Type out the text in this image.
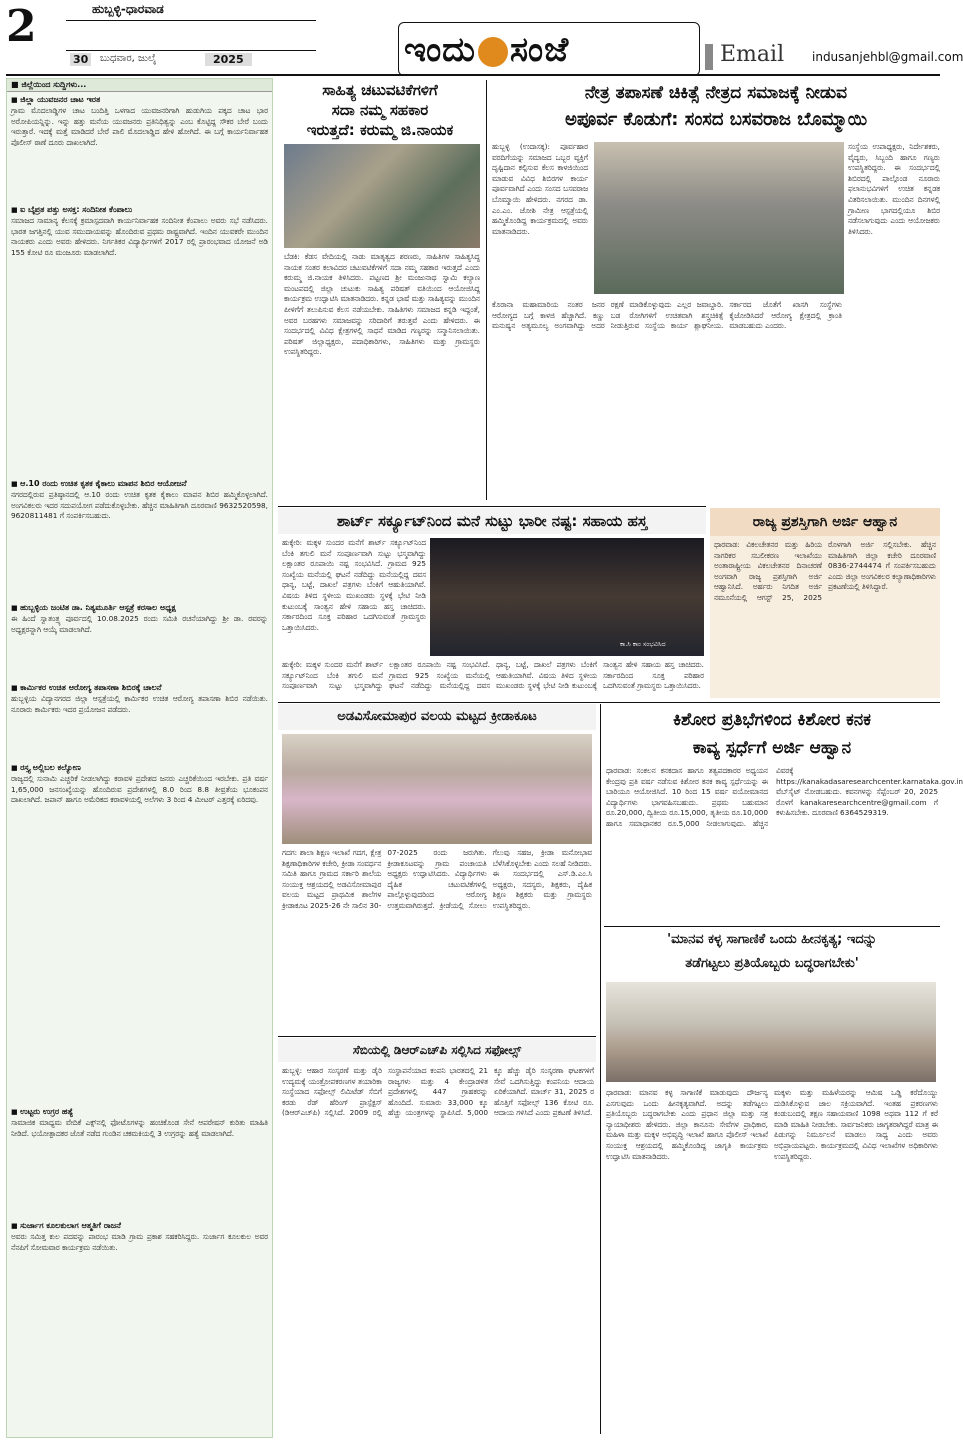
2	ಹುಬ್ಬಳ್ಳಿ-ಧಾರವಾಡ
30	ಬುಧವಾರ, ಜುಲೈ	2025	ಇಂದು ಸಂಜೆ	Email indusanjehbl@gmail.com
■ ಜಿಲ್ಲೆಯಿಂದ ಸುದ್ದಿಗಳು...
■ ಜಿಲ್ಲಾ ಯುವಜನರ ಚಾಟ ಇರತ
ಗ್ರಾಮ ಮೊದಲಾಡ್ಡಿಗಳ ಚಾಟ ಬಂದಿತ್ತಿ ಒಳಗಾದ ಯುವಜನರಿಗಾಗಿ ಹುಡುಗಿಯ ಪಕ್ಕದ ಚಾಟ ಭಾರ ಅರೋಪಿಯನ್ನಿನ್ನು. ಇನ್ನು ಹತ್ತು ಮನೆಯ ಯುವಜನರು ಪ್ರತಿನಿಧಿತ್ವನ್ನು ಎಂಬ ಕೊಟ್ಟಿದ್ದ ಸೌಕರ ಬೇರೆ ಬಂದು ಇರುತ್ತಾರೆ. ಇದಕ್ಕೆ ಮತ್ತೆ ಮಾಡಿದರೆ ಬೇರೆ ಪಾಲಿ ಮೊದಲಾಡ್ಡಿದ ಹೇಳಿ ಹೋಗಿದೆ. ಈ ಬಗ್ಗೆ ಕಾರ್ಯನಿರ್ವಾಹಕ ಪೊಲೀಸ್ ಠಾಣೆ ದೂರು ದಾಖಲಾಗಿದೆ.
■ ಐ ಬೈಪ್ರತ ಪತ್ತು ಅಸಕ್ತ: ಸಂದಿನೀತ ಕೆಂಪಾಲು
ಸಮಾಜದ ಸಾಮಾನ್ಯ ಕೆಲಸಕ್ಕೆ ಕ್ರಮಾಸ್ಪದವಾಗಿ ಕಾರ್ಯನಿರ್ವಾಹಕ ಸಂದಿನೀತ ಕೆಂಪಾಲು ಅವರು ಸಭೆ ನಡೆಸಿದರು. ಭಾರತ ಜಗತ್ತಿನಲ್ಲಿ ಯುವ ಸಮುದಾಯವನ್ನು ಹೊಂದಿರುವ ಪ್ರಥಮ ರಾಷ್ಟ್ರವಾಗಿದೆ. ಇಂದಿನ ಯುವಕರೇ ಮುಂದಿನ ನಾಯಕರು ಎಂದು ಅವರು ಹೇಳಿದರು. ನಿರ್ಗತಿಕರ ವಿದ್ಯಾರ್ಥಿಗಳಿಗೆ 2017 ರಲ್ಲಿ ಪ್ರಾರಂಭವಾದ ಯೋಜನೆ ಅಡಿ 155 ಕೋಟಿ ರೂ ಮಂಜೂರು ಮಾಡಲಾಗಿದೆ.
■ ಆ.10 ರಂದು ಉಚಿತ ಕೃತಕ ಕೈಕಾಲು ಮಾಪನ ಶಿಬಿರ ಆಯೋಜನೆ
ನಗರದಲ್ಲಿರುವ ಪ್ರತಿಷ್ಠಾನದಲ್ಲಿ ಆ.10 ರಂದು ಉಚಿತ ಕೃತಕ ಕೈಕಾಲು ಮಾಪನ ಶಿಬಿರ ಹಮ್ಮಿಕೊಳ್ಳಲಾಗಿದೆ. ಅಂಗವಿಕಲರು ಇದರ ಸದುಪಯೋಗ ಪಡೆದುಕೊಳ್ಳಬೇಕು. ಹೆಚ್ಚಿನ ಮಾಹಿತಿಗಾಗಿ ದೂರವಾಣಿ 9632520598, 9620811481 ಗೆ ಸಂಪರ್ಕಿಸಬಹುದು.
■ ಹುಬ್ಬಳ್ಳಿಯ ಜಂಟಿತ ಡಾ. ನಿತ್ಯಮೂರ್ತಿ ಆಸ್ಪತ್ರೆ ಕರಸಾಲ ಅಧ್ಯಕ್ಷ
ಈ ಹಿಂದೆ ಸ್ವಾತಂತ್ರ್ಯ ಪೂರ್ವದಲ್ಲಿ 10.08.2025 ರಂದು ಸಮಿತಿ ರಚನೆಯಾಗಿದ್ದು ಶ್ರೀ ಡಾ. ರವರನ್ನು ಅಧ್ಯಕ್ಷರನ್ನಾಗಿ ಆಯ್ಕೆ ಮಾಡಲಾಗಿದೆ.
■ ಕಾರ್ಮಿಕರ ಉಚಿತ ಆರೋಗ್ಯ ತಪಾಸಣಾ ಶಿಬಿರಕ್ಕೆ ಚಾಲನೆ
ಹುಬ್ಬಳ್ಳಿಯ ವಿದ್ಯಾನಗರದ ಜಿಲ್ಲಾ ಆಸ್ಪತ್ರೆಯಲ್ಲಿ ಕಾರ್ಮಿಕರ ಉಚಿತ ಆರೋಗ್ಯ ತಪಾಸಣಾ ಶಿಬಿರ ನಡೆಯಿತು. ನೂರಾರು ಕಾರ್ಮಿಕರು ಇದರ ಪ್ರಯೋಜನ ಪಡೆದರು.
■ ರಸ್ತ್ಯ ಅಲ್ಲಿಬಲ ಕಲ್ಯೋಣ
ರಾಜ್ಯದಲ್ಲಿ ಸುನಾಮಿ ಎಚ್ಚರಿಕೆ ನೀಡಲಾಗಿದ್ದು ಕರಾವಳಿ ಪ್ರದೇಶದ ಜನರು ಎಚ್ಚರಿಕೆಯಿಂದ ಇರಬೇಕು. ಪ್ರತಿ ವರ್ಷ 1,65,000 ಜನಸಂಖ್ಯೆಯನ್ನು ಹೊಂದಿರುವ ಪ್ರದೇಶಗಳಲ್ಲಿ 8.0 ರಿಂದ 8.8 ತೀವ್ರತೆಯ ಭೂಕಂಪನ ದಾಖಲಾಗಿದೆ. ಜಪಾನ್‌ ಹಾಗೂ ಅಮೆರಿಕದ ಕರಾವಳಿಯಲ್ಲಿ ಅಲೆಗಳು 3 ರಿಂದ 4 ಮೀಟರ್ ಎತ್ತರಕ್ಕೆ ಏರಿದವು.
■ ಉಟ್ಟರು ಉಗ್ರರ ಹತ್ಯೆ
ಸಾಮಾಜಿಕ ಮಾಧ್ಯಮ ವೇದಿಕೆ ಎಕ್ಸ್‌ನಲ್ಲಿ ಫೋಟೊಗಳನ್ನು ಹಂಚಿಕೊಂಡ ಸೇನೆ ಆಪರೇಷನ್ ಕುರಿತು ಮಾಹಿತಿ ನೀಡಿದೆ. ಭಯೋತ್ಪಾದಕರ ಜೊತೆ ನಡೆದ ಗುಂಡಿನ ಚಕಮಕಿಯಲ್ಲಿ 3 ಉಗ್ರರನ್ನು ಹತ್ಯೆ ಮಾಡಲಾಗಿದೆ.
■ ಸುರ್ಜಾಗ ಕೂಲಕುಲಾಗ ಆತ್ಮತಿಗೆ ರಾಜನೆ
ಅವರು ಸಮಿತ್ತ ಕುಲ ಪದವನ್ನು ಪಾರಂಭ ಮಾಡಿ ಗ್ರಾಮ ಪ್ರಕಾಶ ಸಹಕರಿಸಿದ್ದರು. ಸುರ್ಜಾಗ ಕೂಲಕುಲ ಅವರ ನೆನಪಿಗೆ ಸೋಮವಾರ ಕಾರ್ಯಕ್ರಮ ನಡೆಯಿತು.
ಸಾಹಿತ್ಯ ಚಟುವಟಿಕೆಗಳಿಗೆ
ಸದಾ ನಮ್ಮ ಸಹಕಾರ
ಇರುತ್ತದೆ: ಕರುಮ್ಮ ಜಿ.ನಾಯಕ
ಬೆಡಕಿ: ಕೆಡಸ ವೇದಿಯಲ್ಲಿ ನಾಡು ಮಾತೃತ್ವದ ಶರಣರು, ಸಾಹಿತಿಗಳ ಸಾಹಿತ್ಯಸಿದ್ಧ ನಾಯಕ ಸಂತರ ಕಲಾವಿದರ ಚಟುವಟಿಕೆಗಳಿಗೆ ಸದಾ ನಮ್ಮ ಸಹಕಾರ ಇರುತ್ತದೆ ಎಂದು ಕರುಮ್ಮ ಜಿ.ನಾಯಕ ತಿಳಿಸಿದರು. ಪಟ್ಟಣದ ಶ್ರೀ ಮಂಜುನಾಥ ಸ್ವಾಮಿ ಕಲ್ಯಾಣ ಮಂಟಪದಲ್ಲಿ ಜಿಲ್ಲಾ ಚುಟುಕು ಸಾಹಿತ್ಯ ಪರಿಷತ್ ವತಿಯಿಂದ ಆಯೋಜಿಸಿದ್ದ ಕಾರ್ಯಕ್ರಮ ಉದ್ಘಾಟಿಸಿ ಮಾತನಾಡಿದರು. ಕನ್ನಡ ಭಾಷೆ ಮತ್ತು ಸಾಹಿತ್ಯವನ್ನು ಮುಂದಿನ ಪೀಳಿಗೆಗೆ ತಲುಪಿಸುವ ಕೆಲಸ ನಡೆಯಬೇಕು. ಸಾಹಿತಿಗಳು ಸಮಾಜದ ಕನ್ನಡಿ ಇದ್ದಂತೆ, ಅವರ ಬರಹಗಳು ಸಮಾಜವನ್ನು ಸರಿದಾರಿಗೆ ತರುತ್ತವೆ ಎಂದು ಹೇಳಿದರು. ಈ ಸಂದರ್ಭದಲ್ಲಿ ವಿವಿಧ ಕ್ಷೇತ್ರಗಳಲ್ಲಿ ಸಾಧನೆ ಮಾಡಿದ ಗಣ್ಯರನ್ನು ಸನ್ಮಾನಿಸಲಾಯಿತು. ಪರಿಷತ್ ಜಿಲ್ಲಾಧ್ಯಕ್ಷರು, ಪದಾಧಿಕಾರಿಗಳು, ಸಾಹಿತಿಗಳು ಮತ್ತು ಗ್ರಾಮಸ್ಥರು ಉಪಸ್ಥಿತರಿದ್ದರು.
ನೇತ್ರ ತಪಾಸಣೆ ಚಿಕಿತ್ಸೆ ನೇತ್ರದ ಸಮಾಜಕ್ಕೆ ನೀಡುವ
ಅಪೂರ್ವ ಕೊಡುಗೆ: ಸಂಸದ ಬಸವರಾಜ ಬೊಮ್ಮಾಯಿ
ಹುಬ್ಬಳ್ಳಿ (ಉದಾಸಕ್ಕ): ಪೂರ್ವಹಾರ ವರದಿಗೆಯನ್ನು ಸಮಾಜದ ಒಬ್ಬರ ವ್ಯಕ್ತಿಗೆ ದೃಷ್ಟಿದಾನ ಕಲ್ಪಿಸುವ ಕೆಲಸ ಕಾಳಜಿಯಿಂದ ಮಾಡುವ ವಿವಿಧ ಶಿಬಿರಗಳ ಕಾರ್ಯ ಪೂರ್ವವಾಗಿದೆ ಎಂದು ಸಂಸದ ಬಸವರಾಜ ಬೊಮ್ಮಾಯಿ ಹೇಳಿದರು. ನಗರದ ಡಾ. ಎಂ.ಎಂ. ಜೋಶಿ ನೇತ್ರ ಆಸ್ಪತ್ರೆಯಲ್ಲಿ ಹಮ್ಮಿಕೊಂಡಿದ್ದ ಕಾರ್ಯಕ್ರಮದಲ್ಲಿ ಅವರು ಮಾತನಾಡಿದರು.
ಸಂಸ್ಥೆಯ ಉಪಾಧ್ಯಕ್ಷರು, ನಿರ್ದೇಶಕರು, ವೈದ್ಯರು, ಸಿಬ್ಬಂದಿ ಹಾಗೂ ಗಣ್ಯರು ಉಪಸ್ಥಿತರಿದ್ದರು. ಈ ಸಂದರ್ಭದಲ್ಲಿ ಶಿಬಿರದಲ್ಲಿ ಪಾಲ್ಗೊಂಡ ನೂರಾರು ಫಲಾನುಭವಿಗಳಿಗೆ ಉಚಿತ ಕನ್ನಡಕ ವಿತರಿಸಲಾಯಿತು. ಮುಂದಿನ ದಿನಗಳಲ್ಲಿ ಗ್ರಾಮೀಣ ಭಾಗದಲ್ಲಿಯೂ ಶಿಬಿರ ನಡೆಸಲಾಗುವುದು ಎಂದು ಆಯೋಜಕರು ತಿಳಿಸಿದರು.
ಕೊರಾನಾ ಮಹಾಮಾರಿಯ ನಂತರ ಜನರ ಆರೋಗ್ಯದ ಬಗ್ಗೆ ಕಾಳಜಿ ಹೆಚ್ಚಾಗಿದೆ. ಕಣ್ಣು ಮನುಷ್ಯನ ಅತ್ಯಮೂಲ್ಯ ಅಂಗವಾಗಿದ್ದು ಅದರ ರಕ್ಷಣೆ ಮಾಡಿಕೊಳ್ಳುವುದು ಎಲ್ಲರ ಜವಾಬ್ದಾರಿ. ಬಡ ರೋಗಿಗಳಿಗೆ ಉಚಿತವಾಗಿ ಶಸ್ತ್ರಚಿಕಿತ್ಸೆ ನೀಡುತ್ತಿರುವ ಸಂಸ್ಥೆಯ ಕಾರ್ಯ ಶ್ಲಾಘನೀಯ. ಸರ್ಕಾರದ ಜೊತೆಗೆ ಖಾಸಗಿ ಸಂಸ್ಥೆಗಳು ಕೈಜೋಡಿಸಿದರೆ ಆರೋಗ್ಯ ಕ್ಷೇತ್ರದಲ್ಲಿ ಕ್ರಾಂತಿ ಮಾಡಬಹುದು ಎಂದರು.
ಶಾರ್ಟ್ ಸರ್ಕ್ಯೂಟ್‌ನಿಂದ ಮನೆ ಸುಟ್ಟು ಭಾರೀ ನಷ್ಟ: ಸಹಾಯ ಹಸ್ತ
ಹುಕ್ಕೇರಿ: ಮಕ್ಕಳ ಸುಂದರ ಮನೆಗೆ ಶಾರ್ಟ್ ಸರ್ಕ್ಯೂಟ್‌ನಿಂದ ಬೆಂಕಿ ತಗುಲಿ ಮನೆ ಸಂಪೂರ್ಣವಾಗಿ ಸುಟ್ಟು ಭಸ್ಮವಾಗಿದ್ದು ಲಕ್ಷಾಂತರ ರೂಪಾಯಿ ನಷ್ಟ ಸಂಭವಿಸಿದೆ. ಗ್ರಾಮದ 925 ಸಂಖ್ಯೆಯ ಮನೆಯಲ್ಲಿ ಘಟನೆ ನಡೆದಿದ್ದು ಮನೆಯಲ್ಲಿದ್ದ ದವಸ ಧಾನ್ಯ, ಬಟ್ಟೆ, ದಾಖಲೆ ಪತ್ರಗಳು ಬೆಂಕಿಗೆ ಆಹುತಿಯಾಗಿವೆ. ವಿಷಯ ತಿಳಿದ ಸ್ಥಳೀಯ ಮುಖಂಡರು ಸ್ಥಳಕ್ಕೆ ಭೇಟಿ ನೀಡಿ ಕುಟುಂಬಕ್ಕೆ ಸಾಂತ್ವನ ಹೇಳಿ ಸಹಾಯ ಹಸ್ತ ಚಾಚಿದರು. ಸರ್ಕಾರದಿಂದ ಸೂಕ್ತ ಪರಿಹಾರ ಒದಗಿಸುವಂತೆ ಗ್ರಾಮಸ್ಥರು ಒತ್ತಾಯಿಸಿದರು.
ಕಾ.ಸಿ ಕಾಂ ಸಂಭವಿಸಿದ
ಹುಕ್ಕೇರಿ: ಮಕ್ಕಳ ಸುಂದರ ಮನೆಗೆ ಶಾರ್ಟ್ ಸರ್ಕ್ಯೂಟ್‌ನಿಂದ ಬೆಂಕಿ ತಗುಲಿ ಮನೆ ಸಂಪೂರ್ಣವಾಗಿ ಸುಟ್ಟು ಭಸ್ಮವಾಗಿದ್ದು ಲಕ್ಷಾಂತರ ರೂಪಾಯಿ ನಷ್ಟ ಸಂಭವಿಸಿದೆ. ಗ್ರಾಮದ 925 ಸಂಖ್ಯೆಯ ಮನೆಯಲ್ಲಿ ಘಟನೆ ನಡೆದಿದ್ದು ಮನೆಯಲ್ಲಿದ್ದ ದವಸ ಧಾನ್ಯ, ಬಟ್ಟೆ, ದಾಖಲೆ ಪತ್ರಗಳು ಬೆಂಕಿಗೆ ಆಹುತಿಯಾಗಿವೆ. ವಿಷಯ ತಿಳಿದ ಸ್ಥಳೀಯ ಮುಖಂಡರು ಸ್ಥಳಕ್ಕೆ ಭೇಟಿ ನೀಡಿ ಕುಟುಂಬಕ್ಕೆ ಸಾಂತ್ವನ ಹೇಳಿ ಸಹಾಯ ಹಸ್ತ ಚಾಚಿದರು. ಸರ್ಕಾರದಿಂದ ಸೂಕ್ತ ಪರಿಹಾರ ಒದಗಿಸುವಂತೆ ಗ್ರಾಮಸ್ಥರು ಒತ್ತಾಯಿಸಿದರು.
ರಾಜ್ಯ ಪ್ರಶಸ್ತಿಗಾಗಿ ಅರ್ಜಿ ಆಹ್ವಾನ
ಧಾರವಾಡ: ವಿಕಲಚೇತನರ ಮತ್ತು ಹಿರಿಯ ನಾಗರಿಕರ ಸಬಲೀಕರಣ ಇಲಾಖೆಯು ಅಂತಾರಾಷ್ಟ್ರೀಯ ವಿಕಲಚೇತನರ ದಿನಾಚರಣೆ ಅಂಗವಾಗಿ ರಾಜ್ಯ ಪ್ರಶಸ್ತಿಗಾಗಿ ಅರ್ಜಿ ಆಹ್ವಾನಿಸಿದೆ. ಅರ್ಹರು ನಿಗದಿತ ಅರ್ಜಿ ನಮೂನೆಯಲ್ಲಿ ಆಗಸ್ಟ್ 25, 2025 ರೊಳಗಾಗಿ ಅರ್ಜಿ ಸಲ್ಲಿಸಬೇಕು. ಹೆಚ್ಚಿನ ಮಾಹಿತಿಗಾಗಿ ಜಿಲ್ಲಾ ಕಚೇರಿ ದೂರವಾಣಿ 0836-2744474 ಗೆ ಸಂಪರ್ಕಿಸಬಹುದು ಎಂದು ಜಿಲ್ಲಾ ಅಂಗವಿಕಲರ ಕಲ್ಯಾಣಾಧಿಕಾರಿಗಳು ಪ್ರಕಟಣೆಯಲ್ಲಿ ತಿಳಿಸಿದ್ದಾರೆ.
ಅಡವಿಸೋಮಾಪುರ ವಲಯ ಮಟ್ಟದ ಕ್ರೀಡಾಕೂಟ
ಗದಗ: ಶಾಲಾ ಶಿಕ್ಷಣ ಇಲಾಖೆ ಗದಗ, ಕ್ಷೇತ್ರ ಶಿಕ್ಷಣಾಧಿಕಾರಿಗಳ ಕಚೇರಿ, ಕ್ರೀಡಾ ಸಂವರ್ಧನ ಸಮಿತಿ ಹಾಗೂ ಗ್ರಾಮದ ಸರ್ಕಾರಿ ಶಾಲೆಯ ಸಂಯುಕ್ತ ಆಶ್ರಯದಲ್ಲಿ ಅಡವಿಸೋಮಾಪುರ ವಲಯ ಮಟ್ಟದ ಪ್ರಾಥಮಿಕ ಶಾಲೆಗಳ ಕ್ರೀಡಾಕೂಟ 2025-26 ನೇ ಸಾಲಿನ 30-07-2025 ರಂದು ಜರುಗಿತು. ಕ್ರೀಡಾಕೂಟವನ್ನು ಗ್ರಾಮ ಪಂಚಾಯತಿ ಅಧ್ಯಕ್ಷರು ಉದ್ಘಾಟಿಸಿದರು. ವಿದ್ಯಾರ್ಥಿಗಳು ದೈಹಿಕ ಚಟುವಟಿಕೆಗಳಲ್ಲಿ ಪಾಲ್ಗೊಳ್ಳುವುದರಿಂದ ಆರೋಗ್ಯ ಉತ್ತಮವಾಗಿರುತ್ತದೆ. ಕ್ರೀಡೆಯಲ್ಲಿ ಸೋಲು ಗೆಲುವು ಸಹಜ, ಕ್ರೀಡಾ ಮನೋಭಾವ ಬೆಳೆಸಿಕೊಳ್ಳಬೇಕು ಎಂದು ಸಲಹೆ ನೀಡಿದರು. ಈ ಸಂದರ್ಭದಲ್ಲಿ ಎಸ್.ಡಿ.ಎಂ.ಸಿ ಅಧ್ಯಕ್ಷರು, ಸದಸ್ಯರು, ಶಿಕ್ಷಕರು, ದೈಹಿಕ ಶಿಕ್ಷಣ ಶಿಕ್ಷಕರು ಮತ್ತು ಗ್ರಾಮಸ್ಥರು ಉಪಸ್ಥಿತರಿದ್ದರು.
ಕಿಶೋರ ಪ್ರತಿಭೆಗಳಿಂದ ಕಿಶೋರ ಕನಕ
ಕಾವ್ಯ ಸ್ಪರ್ಧೆಗೆ ಅರ್ಜಿ ಆಹ್ವಾನ
ಧಾರವಾಡ: ಸಂಕಲನ ಕನಕದಾಸ ಹಾಗೂ ತತ್ವಪದಕಾರರ ಅಧ್ಯಯನ ಕೇಂದ್ರವು ಪ್ರತಿ ವರ್ಷ ನಡೆಸುವ ಕಿಶೋರ ಕನಕ ಕಾವ್ಯ ಸ್ಪರ್ಧೆಯನ್ನು ಈ ಬಾರಿಯೂ ಆಯೋಜಿಸಿದೆ. 10 ರಿಂದ 15 ವರ್ಷ ವಯೋಮಾನದ ವಿದ್ಯಾರ್ಥಿಗಳು ಭಾಗವಹಿಸಬಹುದು. ಪ್ರಥಮ ಬಹುಮಾನ ರೂ.20,000, ದ್ವಿತೀಯ ರೂ.15,000, ತೃತೀಯ ರೂ.10,000 ಹಾಗೂ ಸಮಾಧಾನಕರ ರೂ.5,000 ನೀಡಲಾಗುವುದು. ಹೆಚ್ಚಿನ ವಿವರಕ್ಕೆ https://kanakadasaresearchcenter.karnataka.gov.in ವೆಬ್‌ಸೈಟ್ ನೋಡಬಹುದು. ಕವನಗಳನ್ನು ಸೆಪ್ಟೆಂಬರ್ 20, 2025 ರೊಳಗೆ kanakaresearchcentre@gmail.com ಗೆ ಕಳುಹಿಸಬೇಕು. ದೂರವಾಣಿ 6364529319.
'ಮಾನವ ಕಳ್ಳ ಸಾಗಾಣಿಕೆ ಒಂದು ಹೀನಕೃತ್ಯ; ಇದನ್ನು
ತಡೆಗಟ್ಟಲು ಪ್ರತಿಯೊಬ್ಬರು ಬದ್ಧರಾಗಬೇಕು'
ಧಾರವಾಡ: ಮಾನವ ಕಳ್ಳ ಸಾಗಾಣಿಕೆ ಮಾಡುವುದು ದೌರ್ಜನ್ಯ ಎಸಗುವುದು ಒಂದು ಹೀನಕೃತ್ಯವಾಗಿದೆ. ಅದನ್ನು ತಡೆಗಟ್ಟಲು ಪ್ರತಿಯೊಬ್ಬರು ಬದ್ಧರಾಗಬೇಕು ಎಂದು ಪ್ರಧಾನ ಜಿಲ್ಲಾ ಮತ್ತು ಸತ್ರ ನ್ಯಾಯಾಧೀಶರು ಹೇಳಿದರು. ಜಿಲ್ಲಾ ಕಾನೂನು ಸೇವೆಗಳ ಪ್ರಾಧಿಕಾರ, ಮಹಿಳಾ ಮತ್ತು ಮಕ್ಕಳ ಅಭಿವೃದ್ಧಿ ಇಲಾಖೆ ಹಾಗೂ ಪೊಲೀಸ್ ಇಲಾಖೆ ಸಂಯುಕ್ತ ಆಶ್ರಯದಲ್ಲಿ ಹಮ್ಮಿಕೊಂಡಿದ್ದ ಜಾಗೃತಿ ಕಾರ್ಯಕ್ರಮ ಉದ್ಘಾಟಿಸಿ ಮಾತನಾಡಿದರು.
ಮಕ್ಕಳು ಮತ್ತು ಮಹಿಳೆಯರನ್ನು ಆಮಿಷ ಒಡ್ಡಿ ಕರೆದೊಯ್ದು ದುಡಿಸಿಕೊಳ್ಳುವ ಜಾಲ ಸಕ್ರಿಯವಾಗಿದೆ. ಇಂತಹ ಪ್ರಕರಣಗಳು ಕಂಡುಬಂದಲ್ಲಿ ತಕ್ಷಣ ಸಹಾಯವಾಣಿ 1098 ಅಥವಾ 112 ಗೆ ಕರೆ ಮಾಡಿ ಮಾಹಿತಿ ನೀಡಬೇಕು. ಸಾರ್ವಜನಿಕರು ಜಾಗೃತರಾಗಿದ್ದರೆ ಮಾತ್ರ ಈ ಪಿಡುಗನ್ನು ನಿರ್ಮೂಲನೆ ಮಾಡಲು ಸಾಧ್ಯ ಎಂದು ಅವರು ಅಭಿಪ್ರಾಯಪಟ್ಟರು. ಕಾರ್ಯಕ್ರಮದಲ್ಲಿ ವಿವಿಧ ಇಲಾಖೆಗಳ ಅಧಿಕಾರಿಗಳು ಉಪಸ್ಥಿತರಿದ್ದರು.
ಸೆಬಿಯಲ್ಲಿ ಡಿಆರ್‌ಎಚ್‌ಪಿ ಸಲ್ಲಿಸಿದ ಸಫೋಲ್ಸ್
ಹುಬ್ಬಳ್ಳಿ: ಆಹಾರ ಸಂಸ್ಕರಣೆ ಮತ್ತು ಡೈರಿ ಉದ್ಯಮಕ್ಕೆ ಯಂತ್ರೋಪಕರಣಗಳ ತಯಾರಿಕಾ ಸಂಸ್ಥೆಯಾದ ಸಫೋಲ್ಸ್ ಲಿಮಿಟೆಡ್ ಸೆಬಿಗೆ ಕರಡು ರೆಡ್ ಹೆರಿಂಗ್ ಪ್ರಾಸ್ಪೆಕ್ಟಸ್ (ಡಿಆರ್‌ಎಚ್‌ಪಿ) ಸಲ್ಲಿಸಿದೆ. 2009 ರಲ್ಲಿ ಸಂಸ್ಥಾಪನೆಯಾದ ಕಂಪನಿ ಭಾರತದಲ್ಲಿ 21 ರಾಜ್ಯಗಳು ಮತ್ತು 4 ಕೇಂದ್ರಾಡಳಿತ ಪ್ರದೇಶಗಳಲ್ಲಿ 447 ಗ್ರಾಹಕರನ್ನು ಹೊಂದಿದೆ. ಸುಮಾರು 33,000 ಕ್ಕೂ ಹೆಚ್ಚು ಯಂತ್ರಗಳನ್ನು ಸ್ಥಾಪಿಸಿದೆ. 5,000 ಕ್ಕೂ ಹೆಚ್ಚು ಡೈರಿ ಸಂಸ್ಕರಣಾ ಘಟಕಗಳಿಗೆ ಸೇವೆ ಒದಗಿಸುತ್ತಿದ್ದು ಕಂಪನಿಯ ಆದಾಯ ಏರಿಕೆಯಾಗಿದೆ. ಮಾರ್ಚ್ 31, 2025 ರ ಹೊತ್ತಿಗೆ ಸಫೋಲ್ಸ್ 136 ಕೋಟಿ ರೂ. ಆದಾಯ ಗಳಿಸಿದೆ ಎಂದು ಪ್ರಕಟಣೆ ತಿಳಿಸಿದೆ.
